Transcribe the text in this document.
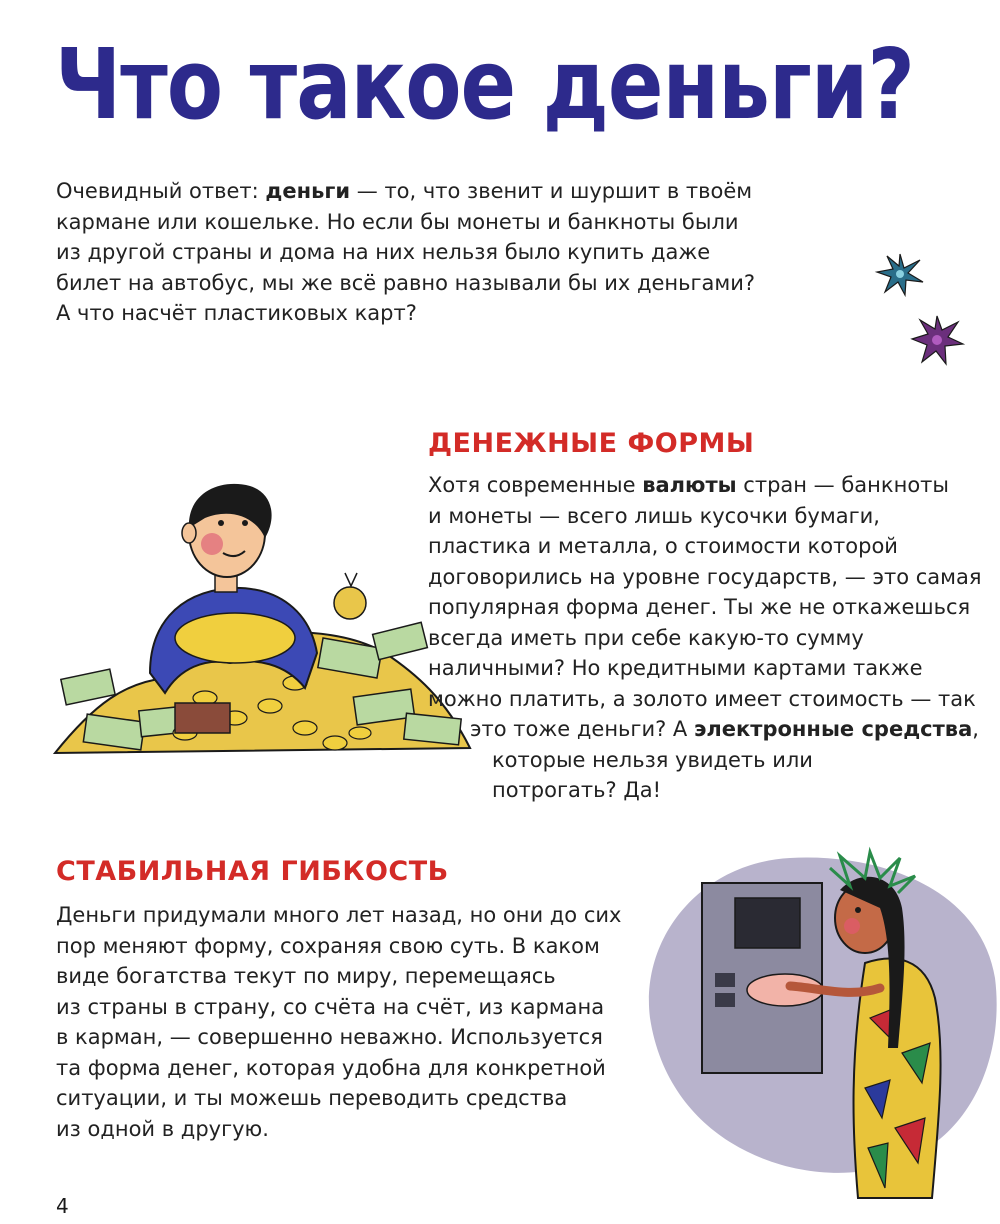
Что такое деньги?

Очевидный ответ: деньги — то, что звенит и шуршит в твоём
кармане или кошельке. Но если бы монеты и банкноты были
из другой страны и дома на них нельзя было купить даже
билет на автобус, мы же всё равно называли бы их деньгами?
А что насчёт пластиковых карт?

ДЕНЕЖНЫЕ ФОРМЫ

Хотя современные валюты стран — банкноты
и монеты — всего лишь кусочки бумаги,
пластика и металла, о стоимости которой
договорились на уровне государств, — это самая
популярная форма денег. Ты же не откажешься
всегда иметь при себе какую-то сумму
наличными? Но кредитными картами также
можно платить, а золото имеет стоимость — так
это тоже деньги? А электронные средства,
которые нельзя увидеть или
потрогать? Да!

СТАБИЛЬНАЯ ГИБКОСТЬ

Деньги придумали много лет назад, но они до сих
пор меняют форму, сохраняя свою суть. В каком
виде богатства текут по миру, перемещаясь
из страны в страну, со счёта на счёт, из кармана
в карман, — совершенно неважно. Используется
та форма денег, которая удобна для конкретной
ситуации, и ты можешь переводить средства
из одной в другую.

4
